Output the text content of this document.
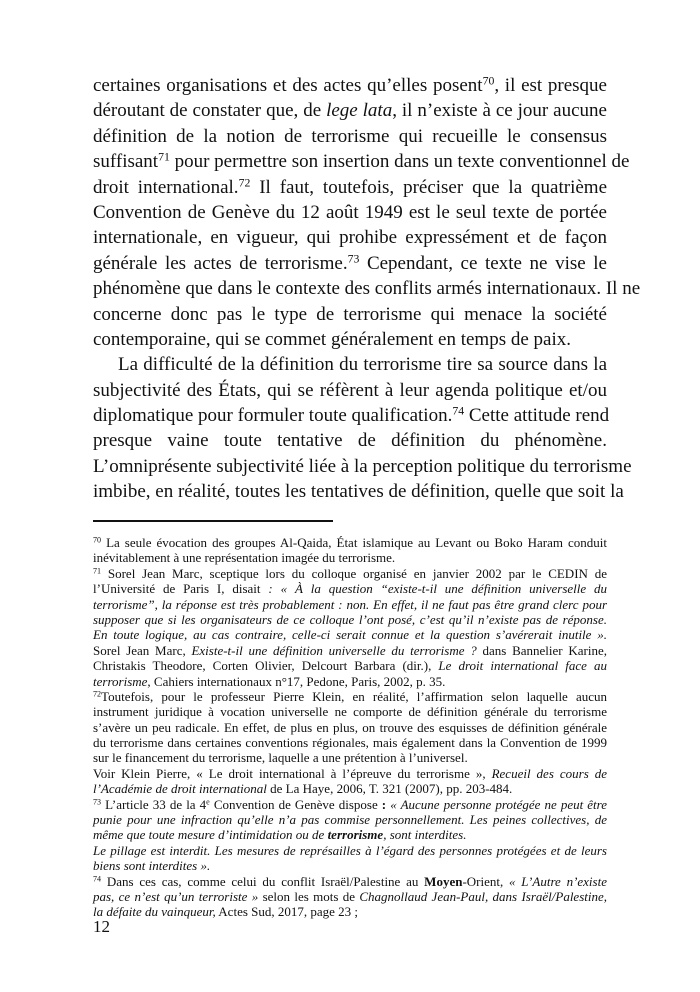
certaines organisations et des actes qu’elles posent$^{70}$, il est presque
déroutant de constater que, de lege lata, il n’existe à ce jour aucune
définition de la notion de terrorisme qui recueille le consensus
suffisant$^{71}$ pour permettre son insertion dans un texte conventionnel de
droit international.$^{72}$ Il faut, toutefois, préciser que la quatrième
Convention de Genève du 12 août 1949 est le seul texte de portée
internationale, en vigueur, qui prohibe expressément et de façon
générale les actes de terrorisme.$^{73}$ Cependant, ce texte ne vise le
phénomène que dans le contexte des conflits armés internationaux. Il ne
concerne donc pas le type de terrorisme qui menace la société
contemporaine, qui se commet généralement en temps de paix.
La difficulté de la définition du terrorisme tire sa source dans la
subjectivité des États, qui se réfèrent à leur agenda politique et/ou
diplomatique pour formuler toute qualification.$^{74}$ Cette attitude rend
presque vaine toute tentative de définition du phénomène.
L’omniprésente subjectivité liée à la perception politique du terrorisme
imbibe, en réalité, toutes les tentatives de définition, quelle que soit la
$^{70}$ La seule évocation des groupes Al-Qaida, État islamique au Levant ou Boko Haram conduit
inévitablement à une représentation imagée du terrorisme.
$^{71}$ Sorel Jean Marc, sceptique lors du colloque organisé en janvier 2002 par le CEDIN de
l’Université de Paris I, disait : « À la question “existe-t-il une définition universelle du
terrorisme”, la réponse est très probablement : non. En effet, il ne faut pas être grand clerc pour
supposer que si les organisateurs de ce colloque l’ont posé, c’est qu’il n’existe pas de réponse.
En toute logique, au cas contraire, celle-ci serait connue et la question s’avérerait inutile ».
Sorel Jean Marc, Existe-t-il une définition universelle du terrorisme ? dans Bannelier Karine,
Christakis Theodore, Corten Olivier, Delcourt Barbara (dir.), Le droit international face au
terrorisme, Cahiers internationaux n°17, Pedone, Paris, 2002, p. 35.
$^{72}$Toutefois, pour le professeur Pierre Klein, en réalité, l’affirmation selon laquelle aucun
instrument juridique à vocation universelle ne comporte de définition générale du terrorisme
s’avère un peu radicale. En effet, de plus en plus, on trouve des esquisses de définition générale
du terrorisme dans certaines conventions régionales, mais également dans la Convention de 1999
sur le financement du terrorisme, laquelle a une prétention à l’universel.
Voir Klein Pierre, « Le droit international à l’épreuve du terrorisme », Recueil des cours de
l’Académie de droit international de La Haye, 2006, T. 321 (2007), pp. 203-484.
$^{73}$ L’article 33 de la 4e Convention de Genève dispose : « Aucune personne protégée ne peut être
punie pour une infraction qu’elle n’a pas commise personnellement. Les peines collectives, de
même que toute mesure d’intimidation ou de terrorisme, sont interdites.
Le pillage est interdit. Les mesures de représailles à l’égard des personnes protégées et de leurs
biens sont interdites ».
$^{74}$ Dans ces cas, comme celui du conflit Israël/Palestine au Moyen-Orient, « L’Autre n’existe
pas, ce n’est qu’un terroriste » selon les mots de Chagnollaud Jean-Paul, dans Israël/Palestine,
la défaite du vainqueur, Actes Sud, 2017, page 23 ;
12
